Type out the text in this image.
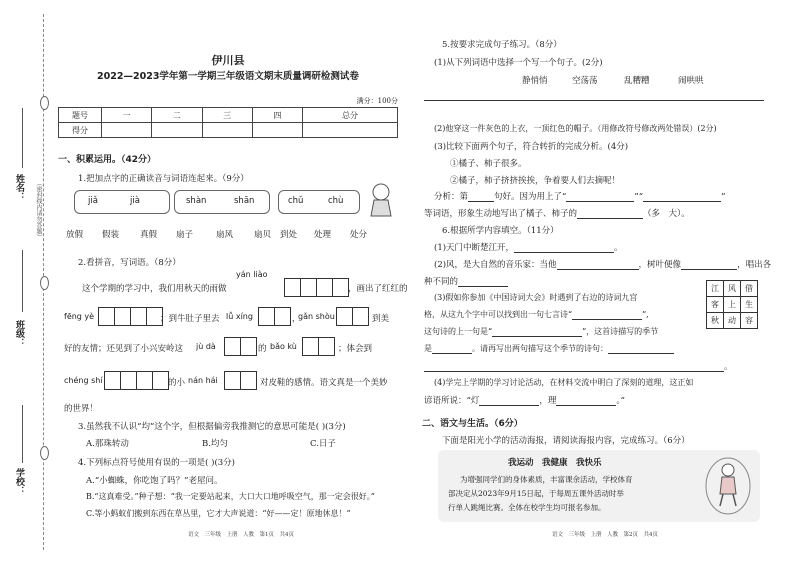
姓名：
班级：
学校：
（密封线内请勿答题）
伊川县
2022—2023学年第一学期三年级语文期末质量调研检测试卷
满分：100分
题号	一	二	三	四	总分
得分					
一、积累运用。（42分）
1.把加点字的正确读音与词语连起来。（9分）
jiǎ	jià	shàn	shān	chǔ	chù
放假 假装 真假 扇子	扇风 扇贝 到处 处理 处分
2.看拼音，写词语。（8分）
这个学期的学习中，我们用秋天的雨做
yán liào
，画出了红红的
fēng yè	；到牛肚子里去 lǚ xíng	，
gǎn shòu	到美
好的友情；还见到了小兴安岭这 jù dà	的 bǎo kù	；体会到
chéng shí	的小 nán hái	对皮鞋的感情。语文真是一个美妙
的世界！
3.虽然我不认识“均”这个字，但根据偏旁我推测它的意思可能是( )(3分)
A.那珠转动	B.均匀	C.日子
4.下列标点符号使用有误的一项是( )(3分)
A.“小蜘蛛，你吃饱了吗？”老屋问。
B.“这真难受。”种子想：“我一定要站起来，大口大口地呼吸空气，那一定会很好。”
C.等小蚂蚁们搬到东西在草丛里，它才大声说道：“好——定！原地休息！”
语文　三年级　上册　人教　第1页　共4页
5.按要求完成句子练习。（8分）
(1)从下列词语中选择一个写一个句子。(2分)
静悄悄	空荡荡	乱糟糟	闹哄哄
(2)他穿这一件灰色的上衣，一顶红色的帽子。（用修改符号修改两处错误）(2分)
(3)比较下面两个句子，符合转折的完成分析。(4分)
①橘子、柿子很多。
②橘子，柿子挤挤挨挨，争着要人们去摘呢！
分析：第	句好。因为用上了“	”“	”
等词语，形象生动地写出了橘子、柿子的	（多　大）。
6.根据所学内容填空。（11分）
(1)天门中断楚江开，	。
(2)风，是大自然的音乐家：当他	，树叶便像	，唱出各
种不同的
(3)假如你参加《中国诗词大会》时遇到了右边的诗词九宫
格，从这九个字中可以找到出一句七言诗“	”,
这句诗的上一句是“	”，这首诗描写的季节
是	。请再写出两句描写这个季节的诗句：
。
江	风	借
客	上	生
秋	动	容
(4)学完上学期的学习讨论活动，在材料交流中明白了深刻的道理，这正如
谚语所说：“灯	，理	。”
二、语文与生活。（6分）
下面是阳光小学的活动海报，请阅读海报内容，完成练习。（6分）
我运动　我健康　我快乐
为增强同学们的身体素质，丰富课余活动，学校体育
部决定从2023年9月15日起，于每周五课外活动时举
行单人跳绳比赛。全体在校学生均可报名参加。
语文　三年级　上册　人教　第2页　共4页
